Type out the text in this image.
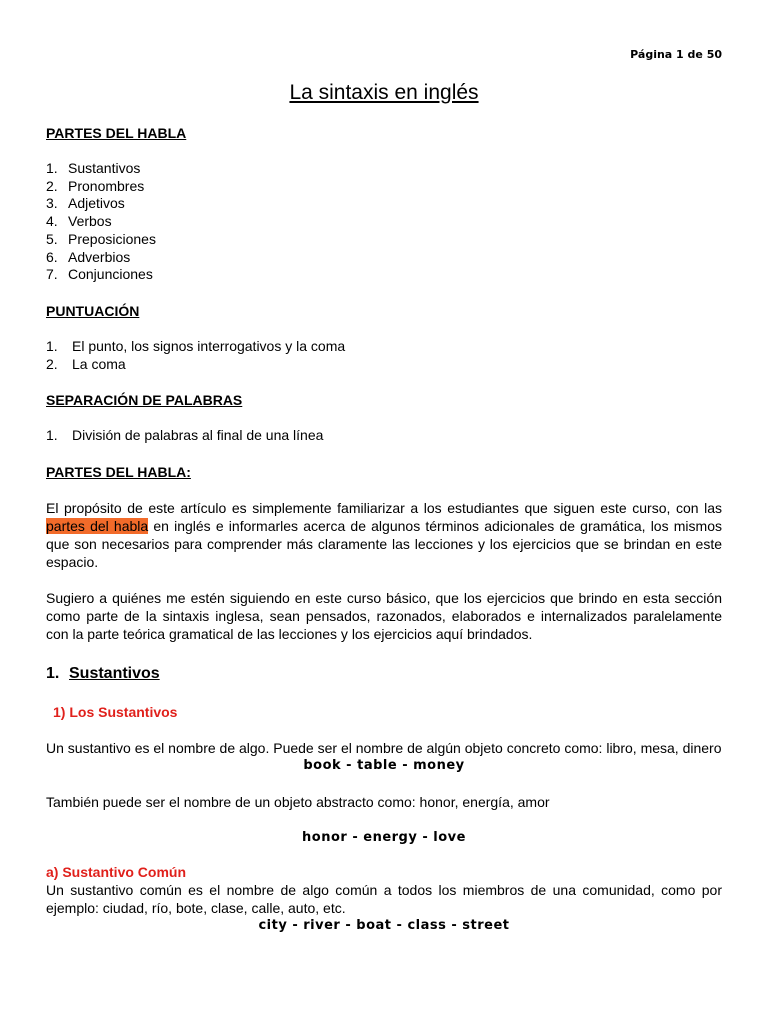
Página 1 de 50
La sintaxis en inglés

PARTES DEL HABLA

1. Sustantivos
2. Pronombres
3. Adjetivos
4. Verbos
5. Preposiciones
6. Adverbios
7. Conjunciones

PUNTUACIÓN

1.	El punto, los signos interrogativos y la coma
2.	La coma

SEPARACIÓN DE PALABRAS

1.	División de palabras al final de una línea

PARTES DEL HABLA:

El propósito de este artículo es simplemente familiarizar a los estudiantes que siguen este curso, con las partes del habla en inglés e informarles acerca de algunos términos adicionales de gramática, los mismos que son necesarios para comprender más claramente las lecciones y los ejercicios que se brindan en este espacio.

Sugiero a quiénes me estén siguiendo en este curso básico, que los ejercicios que brindo en esta sección como parte de la sintaxis inglesa, sean pensados, razonados, elaborados e internalizados paralelamente con la parte teórica gramatical de las lecciones y los ejercicios aquí brindados.

1. Sustantivos

1) Los Sustantivos

Un sustantivo es el nombre de algo. Puede ser el nombre de algún objeto concreto como: libro, mesa, dinero

book - table - money

También puede ser el nombre de un objeto abstracto como: honor, energía, amor

honor - energy - love

a) Sustantivo Común

Un sustantivo común es el nombre de algo común a todos los miembros de una comunidad, como por ejemplo: ciudad, río, bote, clase, calle, auto, etc.

city - river - boat - class - street
